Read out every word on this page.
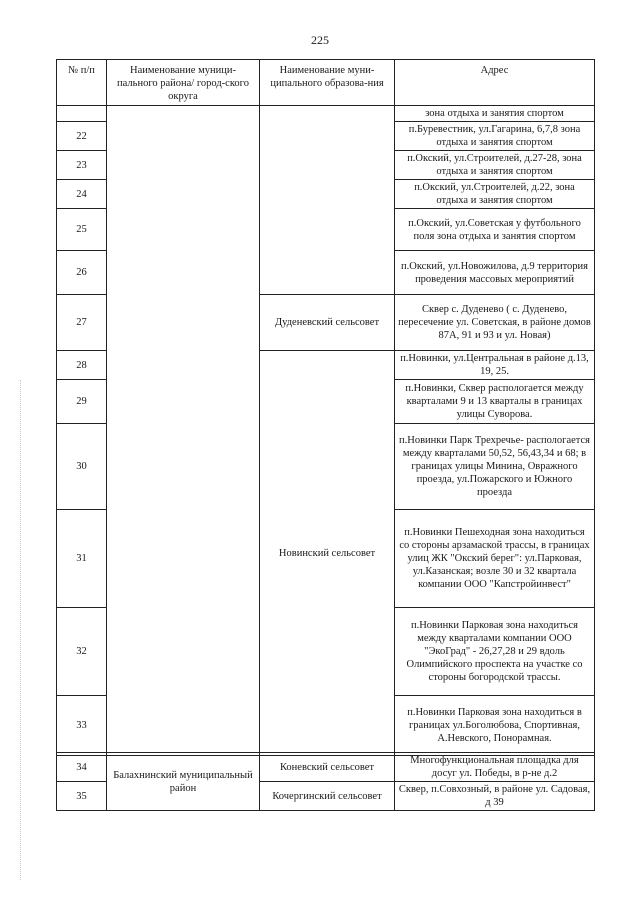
225
№ п/п	Наименование муници-пального района/ город-ского округа	Наименование муни-ципального образова-ния	Адрес
			зона отдыха и занятия спортом
22			п.Буревестник, ул.Гагарина, 6,7,8 зона отдыха и занятия спортом
23			п.Окский, ул.Строителей, д.27-28, зона отдыха и занятия спортом
24			п.Окский, ул.Строителей, д.22, зона отдыха и занятия спортом
25			п.Окский, ул.Советская у футбольного поля зона отдыха и занятия спортом
26			п.Окский, ул.Новожилова, д.9 территория проведения массовых мероприятий
27		Дуденевский сельсовет	Сквер с. Дуденево ( с. Дуденево, пересечение ул. Советская, в районе домов 87А, 91 и 93 и ул. Новая)
28		Новинский сельсовет	п.Новинки, ул.Центральная в районе д.13, 19, 25.
29			п.Новинки, Сквер распологается между кварталами 9 и 13 кварталы в границах улицы Суворова.
30			п.Новинки Парк Трехречье- распологается между кварталами 50,52, 56,43,34 и 68; в границах улицы Минина, Овражного проезда, ул.Пожарского и Южного проезда
31			п.Новинки Пешеходная зона находиться со стороны арзамаской трассы, в границах улиц ЖК "Окский берег": ул.Парковая, ул.Казанская; возле 30 и 32 квартала компании ООО "Капстройинвест"
32			п.Новинки Парковая зона находиться между кварталами компании ООО "ЭкоГрад" - 26,27,28 и 29 вдоль Олимпийского проспекта на участке со стороны богородской трассы.
33			п.Новинки Парковая зона находиться в границах ул.Боголюбова, Спортивная, А.Невского, Понорамная.
34	Балахнинский муниципальный район	Коневский сельсовет	Многофункциональная площадка для досуг ул. Победы, в р-не д.2
35		Кочергинский сельсовет	Сквер, п.Совхозный, в районе ул. Садовая, д 39
